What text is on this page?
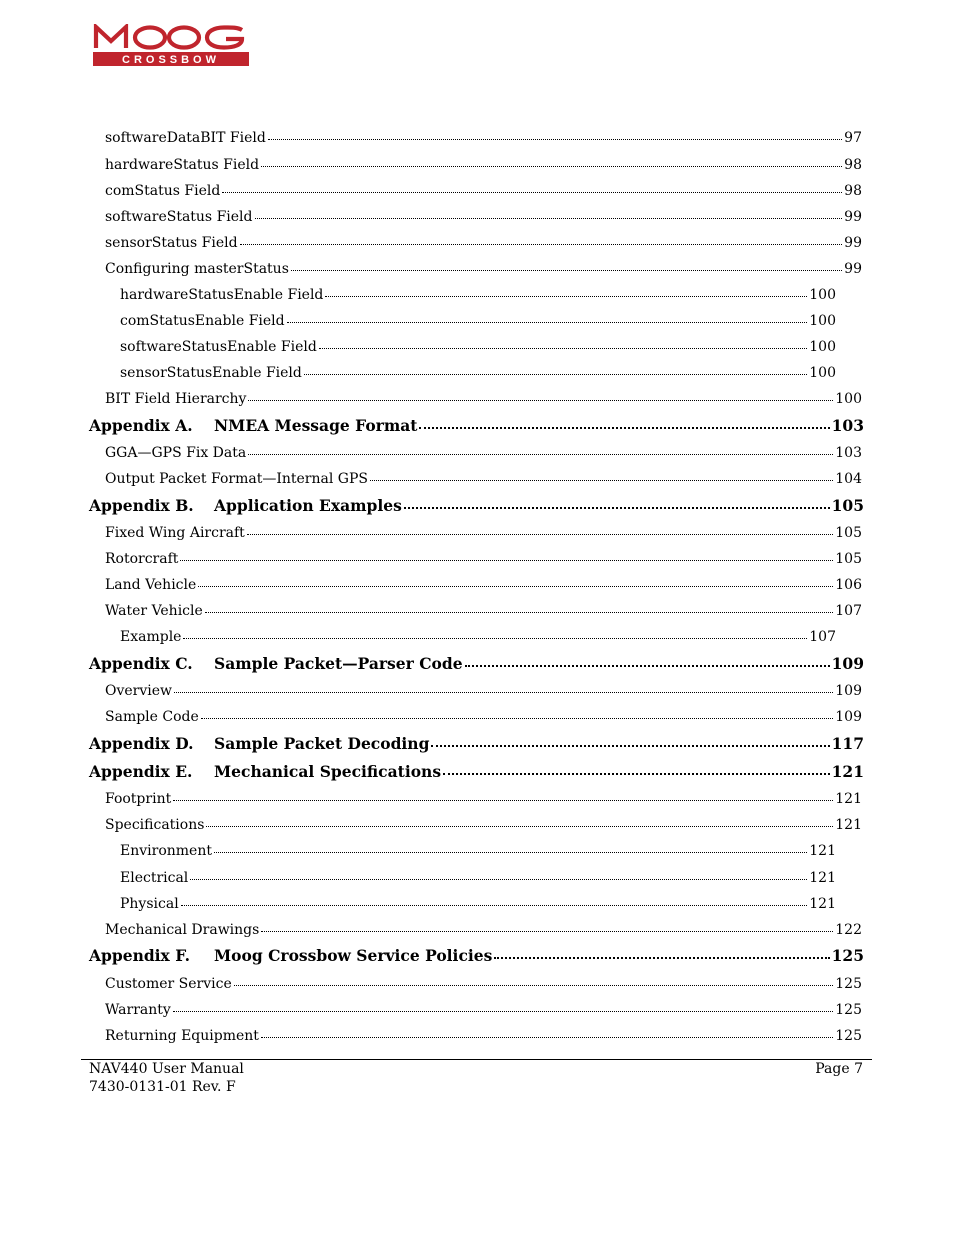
CROSSBOW
softwareDataBIT Field	97
hardwareStatus Field	98
comStatus Field	98
softwareStatus Field	99
sensorStatus Field	99
Configuring masterStatus	99
hardwareStatusEnable Field	100
comStatusEnable Field	100
softwareStatusEnable Field	100
sensorStatusEnable Field	100
BIT Field Hierarchy	100
Appendix A. NMEA Message Format	103
GGA—GPS Fix Data	103
Output Packet Format—Internal GPS	104
Appendix B. Application Examples	105
Fixed Wing Aircraft	105
Rotorcraft	105
Land Vehicle	106
Water Vehicle	107
Example	107
Appendix C. Sample Packet—Parser Code	109
Overview	109
Sample Code	109
Appendix D. Sample Packet Decoding	117
Appendix E. Mechanical Specifications	121
Footprint	121
Specifications	121
Environment	121
Electrical	121
Physical	121
Mechanical Drawings	122
Appendix F. Moog Crossbow Service Policies	125
Customer Service	125
Warranty	125
Returning Equipment	125
NAV440 User Manual
7430-0131-01 Rev. F
Page 7
